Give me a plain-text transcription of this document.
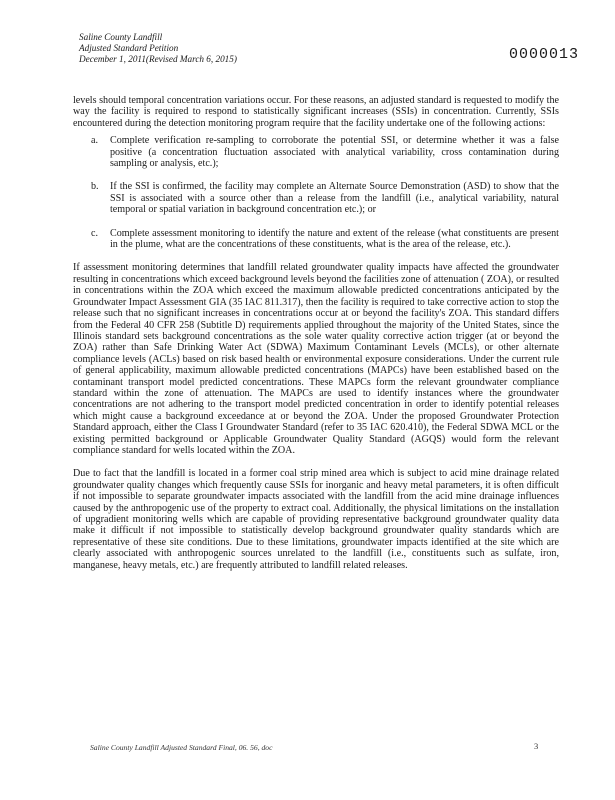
Saline County Landfill
Adjusted Standard Petition
December 1, 2011(Revised March 6, 2015)	0000013

levels should temporal concentration variations occur. For these reasons, an adjusted standard is requested to modify the way the facility is required to respond to statistically significant increases (SSIs) in concentration. Currently, SSIs encountered during the detection monitoring program require that the facility undertake one of the following actions:

a. Complete verification re-sampling to corroborate the potential SSI, or determine whether it was a false positive (a concentration fluctuation associated with analytical variability, cross contamination during sampling or analysis, etc.);
b. If the SSI is confirmed, the facility may complete an Alternate Source Demonstration (ASD) to show that the SSI is associated with a source other than a release from the landfill (i.e., analytical variability, natural temporal or spatial variation in background concentration etc.); or
c. Complete assessment monitoring to identify the nature and extent of the release (what constituents are present in the plume, what are the concentrations of these constituents, what is the area of the release, etc.).

If assessment monitoring determines that landfill related groundwater quality impacts have affected the groundwater resulting in concentrations which exceed background levels beyond the facilities zone of attenuation ( ZOA), or resulted in concentrations within the ZOA which exceed the maximum allowable predicted concentrations anticipated by the Groundwater Impact Assessment GIA (35 IAC 811.317), then the facility is required to take corrective action to stop the release such that no significant increases in concentrations occur at or beyond the facility's ZOA. This standard differs from the Federal 40 CFR 258 (Subtitle D) requirements applied throughout the majority of the United States, since the Illinois standard sets background concentrations as the sole water quality corrective action trigger (at or beyond the ZOA) rather than Safe Drinking Water Act (SDWA) Maximum Contaminant Levels (MCLs), or other alternate compliance levels (ACLs) based on risk based health or environmental exposure considerations. Under the current rule of general applicability, maximum allowable predicted concentrations (MAPCs) have been established based on the contaminant transport model predicted concentrations. These MAPCs form the relevant groundwater compliance standard within the zone of attenuation. The MAPCs are used to identify instances where the groundwater concentrations are not adhering to the transport model predicted concentration in order to identify potential releases which might cause a background exceedance at or beyond the ZOA. Under the proposed Groundwater Protection Standard approach, either the Class I Groundwater Standard (refer to 35 IAC 620.410), the Federal SDWA MCL or the existing permitted background or Applicable Groundwater Quality Standard (AGQS) would form the relevant compliance standard for wells located within the ZOA.

Due to fact that the landfill is located in a former coal strip mined area which is subject to acid mine drainage related groundwater quality changes which frequently cause SSIs for inorganic and heavy metal parameters, it is often difficult if not impossible to separate groundwater impacts associated with the landfill from the acid mine drainage influences caused by the anthropogenic use of the property to extract coal. Additionally, the physical limitations on the installation of upgradient monitoring wells which are capable of providing representative background groundwater quality data make it difficult if not impossible to statistically develop background groundwater quality standards which are representative of these site conditions. Due to these limitations, groundwater impacts identified at the site which are clearly associated with anthropogenic sources unrelated to the landfill (i.e., constituents such as sulfate, iron, manganese, heavy metals, etc.) are frequently attributed to landfill related releases.

Saline County Landfill Adjusted Standard Final, 06. 56, doc	3
